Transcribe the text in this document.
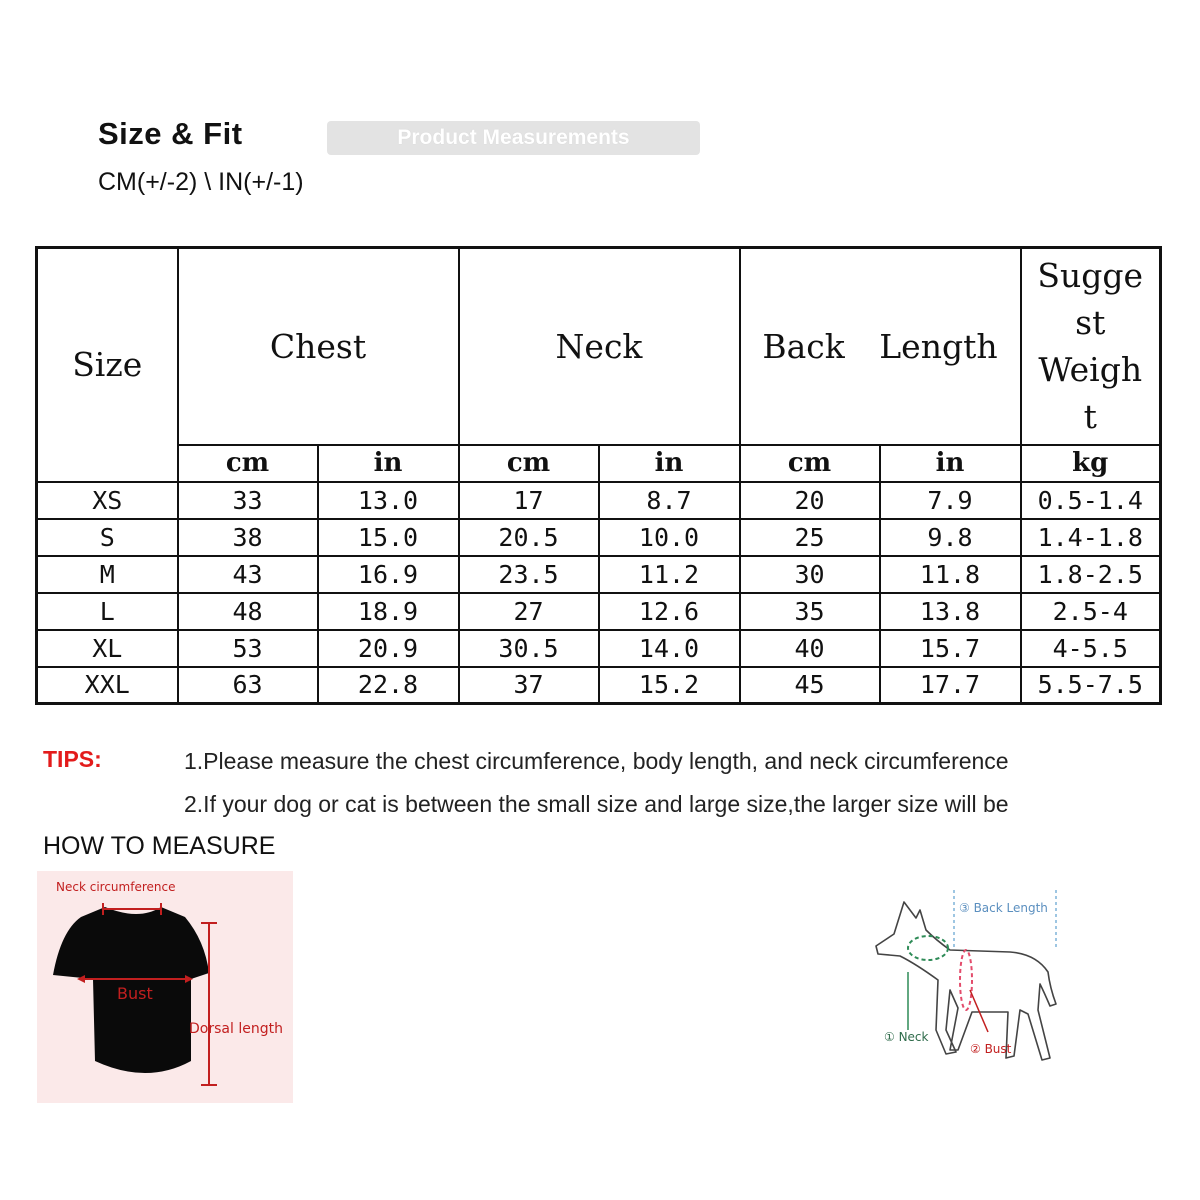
Size & Fit	Product Measurements
CM(+/-2) \ IN(+/-1)
Size	Chest		Neck		Back Length		Sugge
st
Weigh
t

	cm	in	cm	in	cm	in	kg
XS	33	13.0	17	8.7	20	7.9	0.5-1.4
S	38	15.0	20.5	10.0	25	9.8	1.4-1.8
M	43	16.9	23.5	11.2	30	11.8	1.8-2.5
L	48	18.9	27	12.6	35	13.8	2.5-4
XL	53	20.9	30.5	14.0	40	15.7	4-5.5
XXL	63	22.8	37	15.2	45	17.7	5.5-7.5
TIPS:	1.Please measure the chest circumference, body length, and neck circumference
2.If your dog or cat is between the small size and large size,the larger size will be
HOW TO MEASURE
Neck circumference
Bust
Dorsal length
③ Back Length
① Neck
② Bust
